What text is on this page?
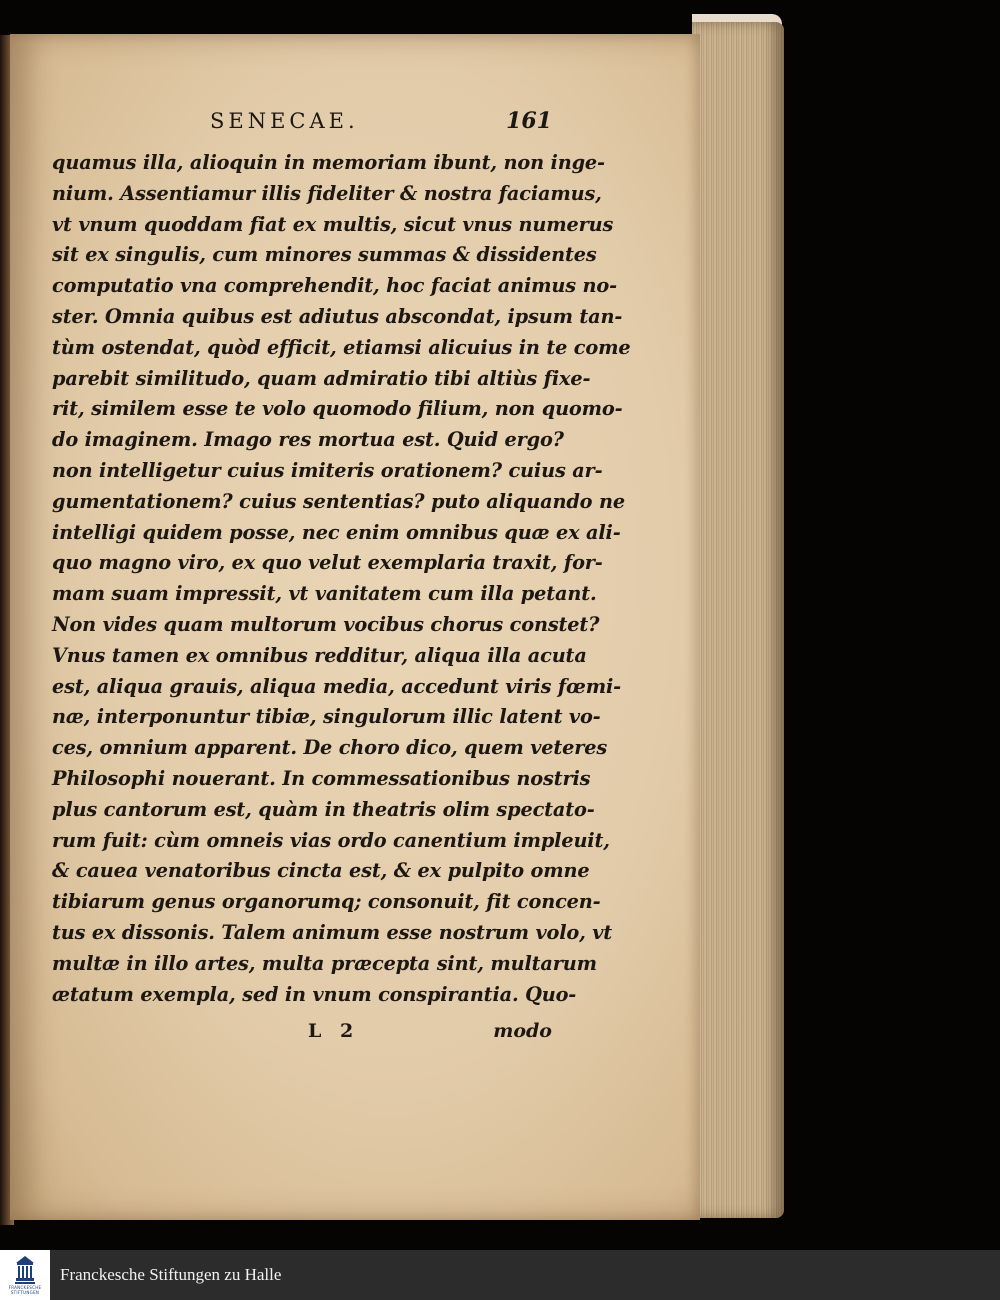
SENECAE.	161
quamus illa, alioquin in memoriam ibunt, non inge-
nium. Assentiamur illis fideliter & nostra faciamus,
vt vnum quoddam fiat ex multis, sicut vnus numerus
sit ex singulis, cum minores summas & dissidentes
computatio vna comprehendit, hoc faciat animus no-
ster. Omnia quibus est adiutus abscondat, ipsum tan-
tùm ostendat, quòd efficit, etiamsi alicuius in te come
parebit similitudo, quam admiratio tibi altiùs fixe-
rit, similem esse te volo quomodo filium, non quomo-
do imaginem. Imago res mortua est. Quid ergo?
non intelligetur cuius imiteris orationem? cuius ar-
gumentationem? cuius sententias? puto aliquando ne
intelligi quidem posse, nec enim omnibus quæ ex ali-
quo magno viro, ex quo velut exemplaria traxit, for-
mam suam impressit, vt vanitatem cum illa petant.
Non vides quam multorum vocibus chorus constet?
Vnus tamen ex omnibus redditur, aliqua illa acuta
est, aliqua grauis, aliqua media, accedunt viris fœmi-
næ, interponuntur tibiæ, singulorum illic latent vo-
ces, omnium apparent. De choro dico, quem veteres
Philosophi nouerant. In commessationibus nostris
plus cantorum est, quàm in theatris olim spectato-
rum fuit: cùm omneis vias ordo canentium impleuit,
& cauea venatoribus cincta est, & ex pulpito omne
tibiarum genus organorumq; consonuit, fit concen-
tus ex dissonis. Talem animum esse nostrum volo, vt
multæ in illo artes, multa præcepta sint, multarum
ætatum exempla, sed in vnum conspirantia. Quo-
L 2	modo
FRANCKESCHE STIFTUNGEN
Franckesche Stiftungen zu Halle
